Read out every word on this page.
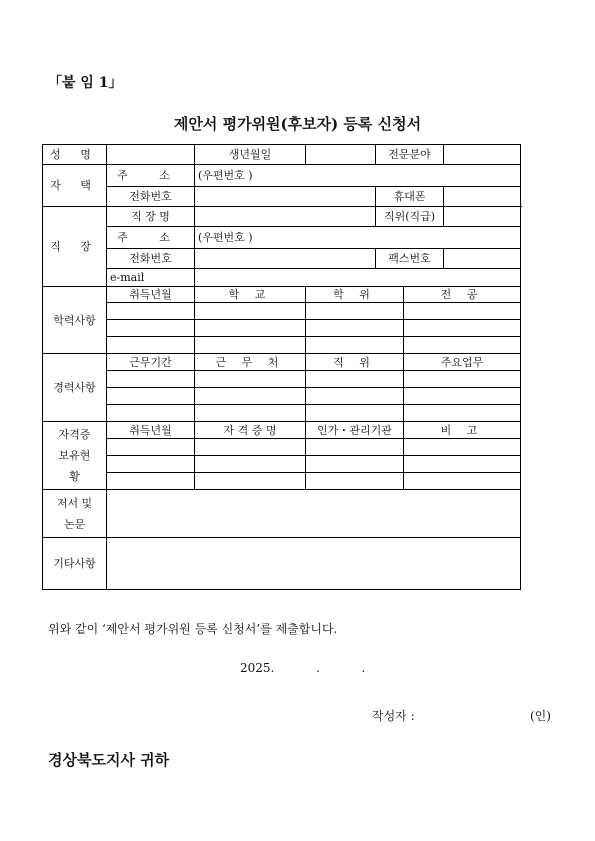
「붙 임 1」
제안서 평가위원(후보자) 등록 신청서
성 명		생년월일		전문분야		
자 택	주 소	(우편번호 )				
	전화번호			휴대폰		
직 장	직 장 명			직위(직급)		
	주 소	(우편번호 )				
	전화번호			팩스번호		
	e-mail					
학력사항	취득년월	학 교	학 위		전 공	

경력사항	근무기간	근 무 처	직 위		주요업무	

자격증 보유현황	취득년월	자 격 증 명	인가・관리기관		비 고	

저서 및 논문						
기타사항						
위와 같이 ‘제안서 평가위원 등록 신청서’를 제출합니다.
2025.	.	.
작성자 :	(인)
경상북도지사 귀하
